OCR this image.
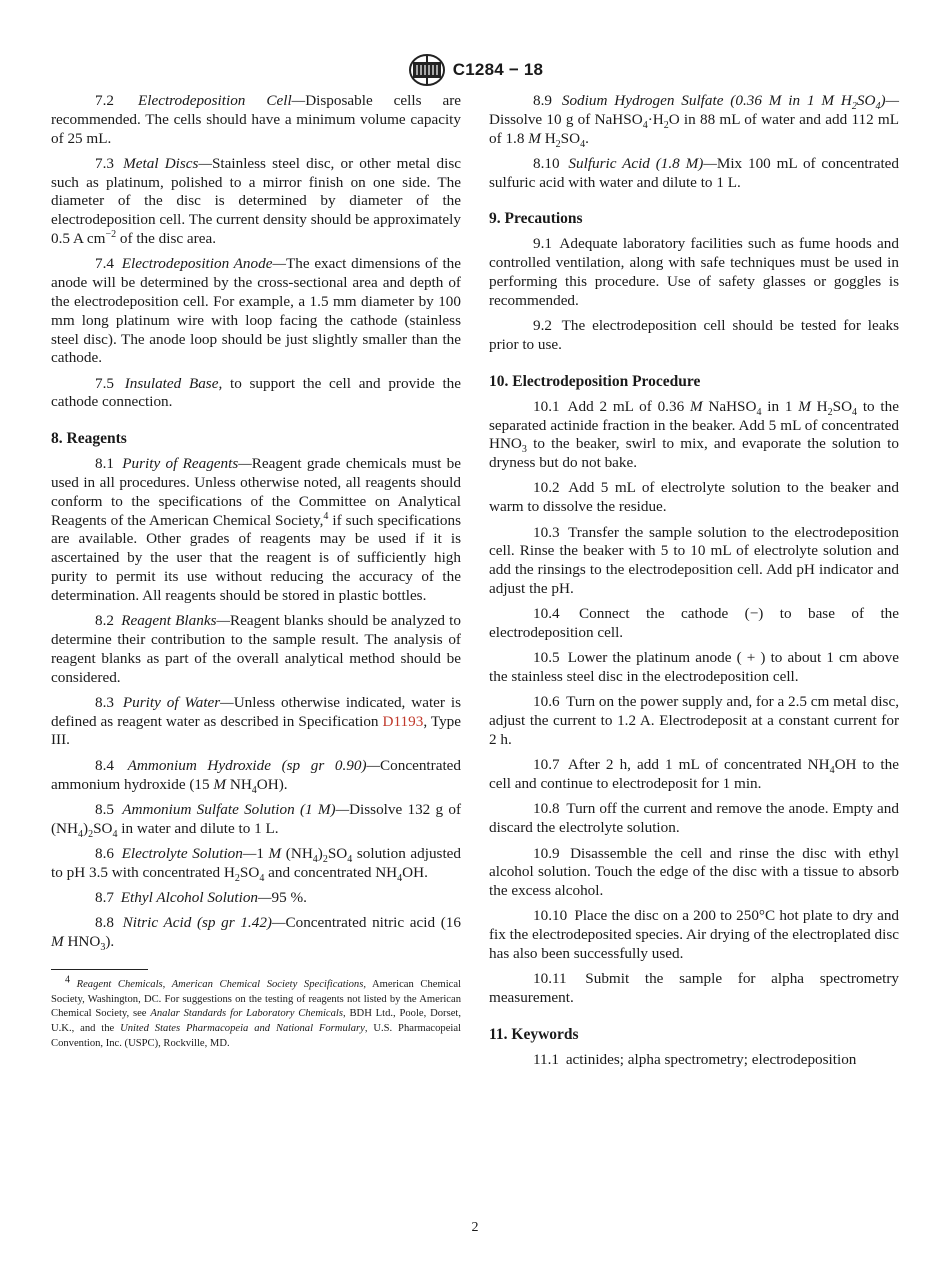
C1284 − 18

7.2 Electrodeposition Cell—Disposable cells are recommended. The cells should have a minimum volume capacity of 25 mL.

7.3 Metal Discs—Stainless steel disc, or other metal disc such as platinum, polished to a mirror finish on one side. The diameter of the disc is determined by diameter of the electrodeposition cell. The current density should be approximately 0.5 A $cm^{-2}$ of the disc area.

7.4 Electrodeposition Anode—The exact dimensions of the anode will be determined by the cross-sectional area and depth of the electrodeposition cell. For example, a 1.5 mm diameter by 100 mm long platinum wire with loop facing the cathode (stainless steel disc). The anode loop should be just slightly smaller than the cathode.

7.5 Insulated Base, to support the cell and provide the cathode connection.

8. Reagents

8.1 Purity of Reagents—Reagent grade chemicals must be used in all procedures. Unless otherwise noted, all reagents should conform to the specifications of the Committee on Analytical Reagents of the American Chemical Society,$^4$ if such specifications are available. Other grades of reagents may be used if it is ascertained by the user that the reagent is of sufficiently high purity to permit its use without reducing the accuracy of the determination. All reagents should be stored in plastic bottles.

8.2 Reagent Blanks—Reagent blanks should be analyzed to determine their contribution to the sample result. The analysis of reagent blanks as part of the overall analytical method should be considered.

8.3 Purity of Water—Unless otherwise indicated, water is defined as reagent water as described in Specification D1193, Type III.

8.4 Ammonium Hydroxide (sp gr 0.90)—Concentrated ammonium hydroxide (15 M $NH_4OH$).

8.5 Ammonium Sulfate Solution (1 M)—Dissolve 132 g of $(NH_4)_2SO_4$ in water and dilute to 1 L.

8.6 Electrolyte Solution—1 M $(NH_4)_2SO_4$ solution adjusted to pH 3.5 with concentrated $H_2SO_4$ and concentrated $NH_4OH$.

8.7 Ethyl Alcohol Solution—95 %.

8.8 Nitric Acid (sp gr 1.42)—Concentrated nitric acid (16 M $HNO_3$).

$^4$ Reagent Chemicals, American Chemical Society Specifications, American Chemical Society, Washington, DC. For suggestions on the testing of reagents not listed by the American Chemical Society, see Analar Standards for Laboratory Chemicals, BDH Ltd., Poole, Dorset, U.K., and the United States Pharmacopeia and National Formulary, U.S. Pharmacopeial Convention, Inc. (USPC), Rockville, MD.

8.9 Sodium Hydrogen Sulfate (0.36 M in 1 M $H_2SO_4)—Dissolve$ 10 g of $NaHSO_4\cdot H_2O$ in 88 mL of water and add 112 mL of 1.8 M $H_2SO_4$.

8.10 Sulfuric Acid (1.8 M)—Mix 100 mL of concentrated sulfuric acid with water and dilute to 1 L.

9. Precautions

9.1 Adequate laboratory facilities such as fume hoods and controlled ventilation, along with safe techniques must be used in performing this procedure. Use of safety glasses or goggles is recommended.

9.2 The electrodeposition cell should be tested for leaks prior to use.

10. Electrodeposition Procedure

10.1 Add 2 mL of 0.36 M NaHSO$_4$ in 1 M $H_2SO_4$ to the separated actinide fraction in the beaker. Add 5 mL of concentrated $HNO_3$ to the beaker, swirl to mix, and evaporate the solution to dryness but do not bake.

10.2 Add 5 mL of electrolyte solution to the beaker and warm to dissolve the residue.

10.3 Transfer the sample solution to the electrodeposition cell. Rinse the beaker with 5 to 10 mL of electrolyte solution and add the rinsings to the electrodeposition cell. Add pH indicator and adjust the pH.

10.4 Connect the cathode (−) to base of the electrodeposition cell.

10.5 Lower the platinum anode ( + ) to about 1 cm above the stainless steel disc in the electrodeposition cell.

10.6 Turn on the power supply and, for a 2.5 cm metal disc, adjust the current to 1.2 A. Electrodeposit at a constant current for 2 h.

10.7 After 2 h, add 1 mL of concentrated $NH_4OH$ to the cell and continue to electrodeposit for 1 min.

10.8 Turn off the current and remove the anode. Empty and discard the electrolyte solution.

10.9 Disassemble the cell and rinse the disc with ethyl alcohol solution. Touch the edge of the disc with a tissue to absorb the excess alcohol.

10.10 Place the disc on a 200 to 250°C hot plate to dry and fix the electrodeposited species. Air drying of the electroplated disc has also been successfully used.

10.11 Submit the sample for alpha spectrometry measurement.

11. Keywords

11.1 actinides; alpha spectrometry; electrodeposition

2
